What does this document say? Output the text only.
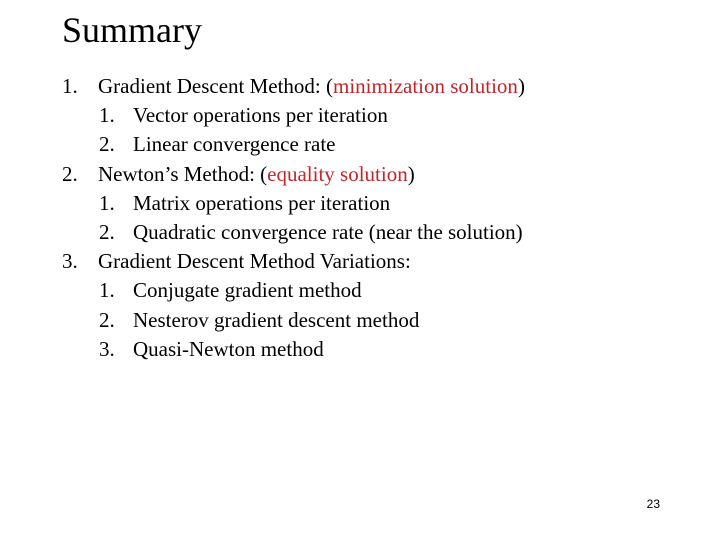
Summary
1. Gradient Descent Method: (minimization solution)
1. Vector operations per iteration
2. Linear convergence rate
2. Newton’s Method: (equality solution)
1. Matrix operations per iteration
2. Quadratic convergence rate (near the solution)
3. Gradient Descent Method Variations:
1. Conjugate gradient method
2. Nesterov gradient descent method
3. Quasi-Newton method
23
